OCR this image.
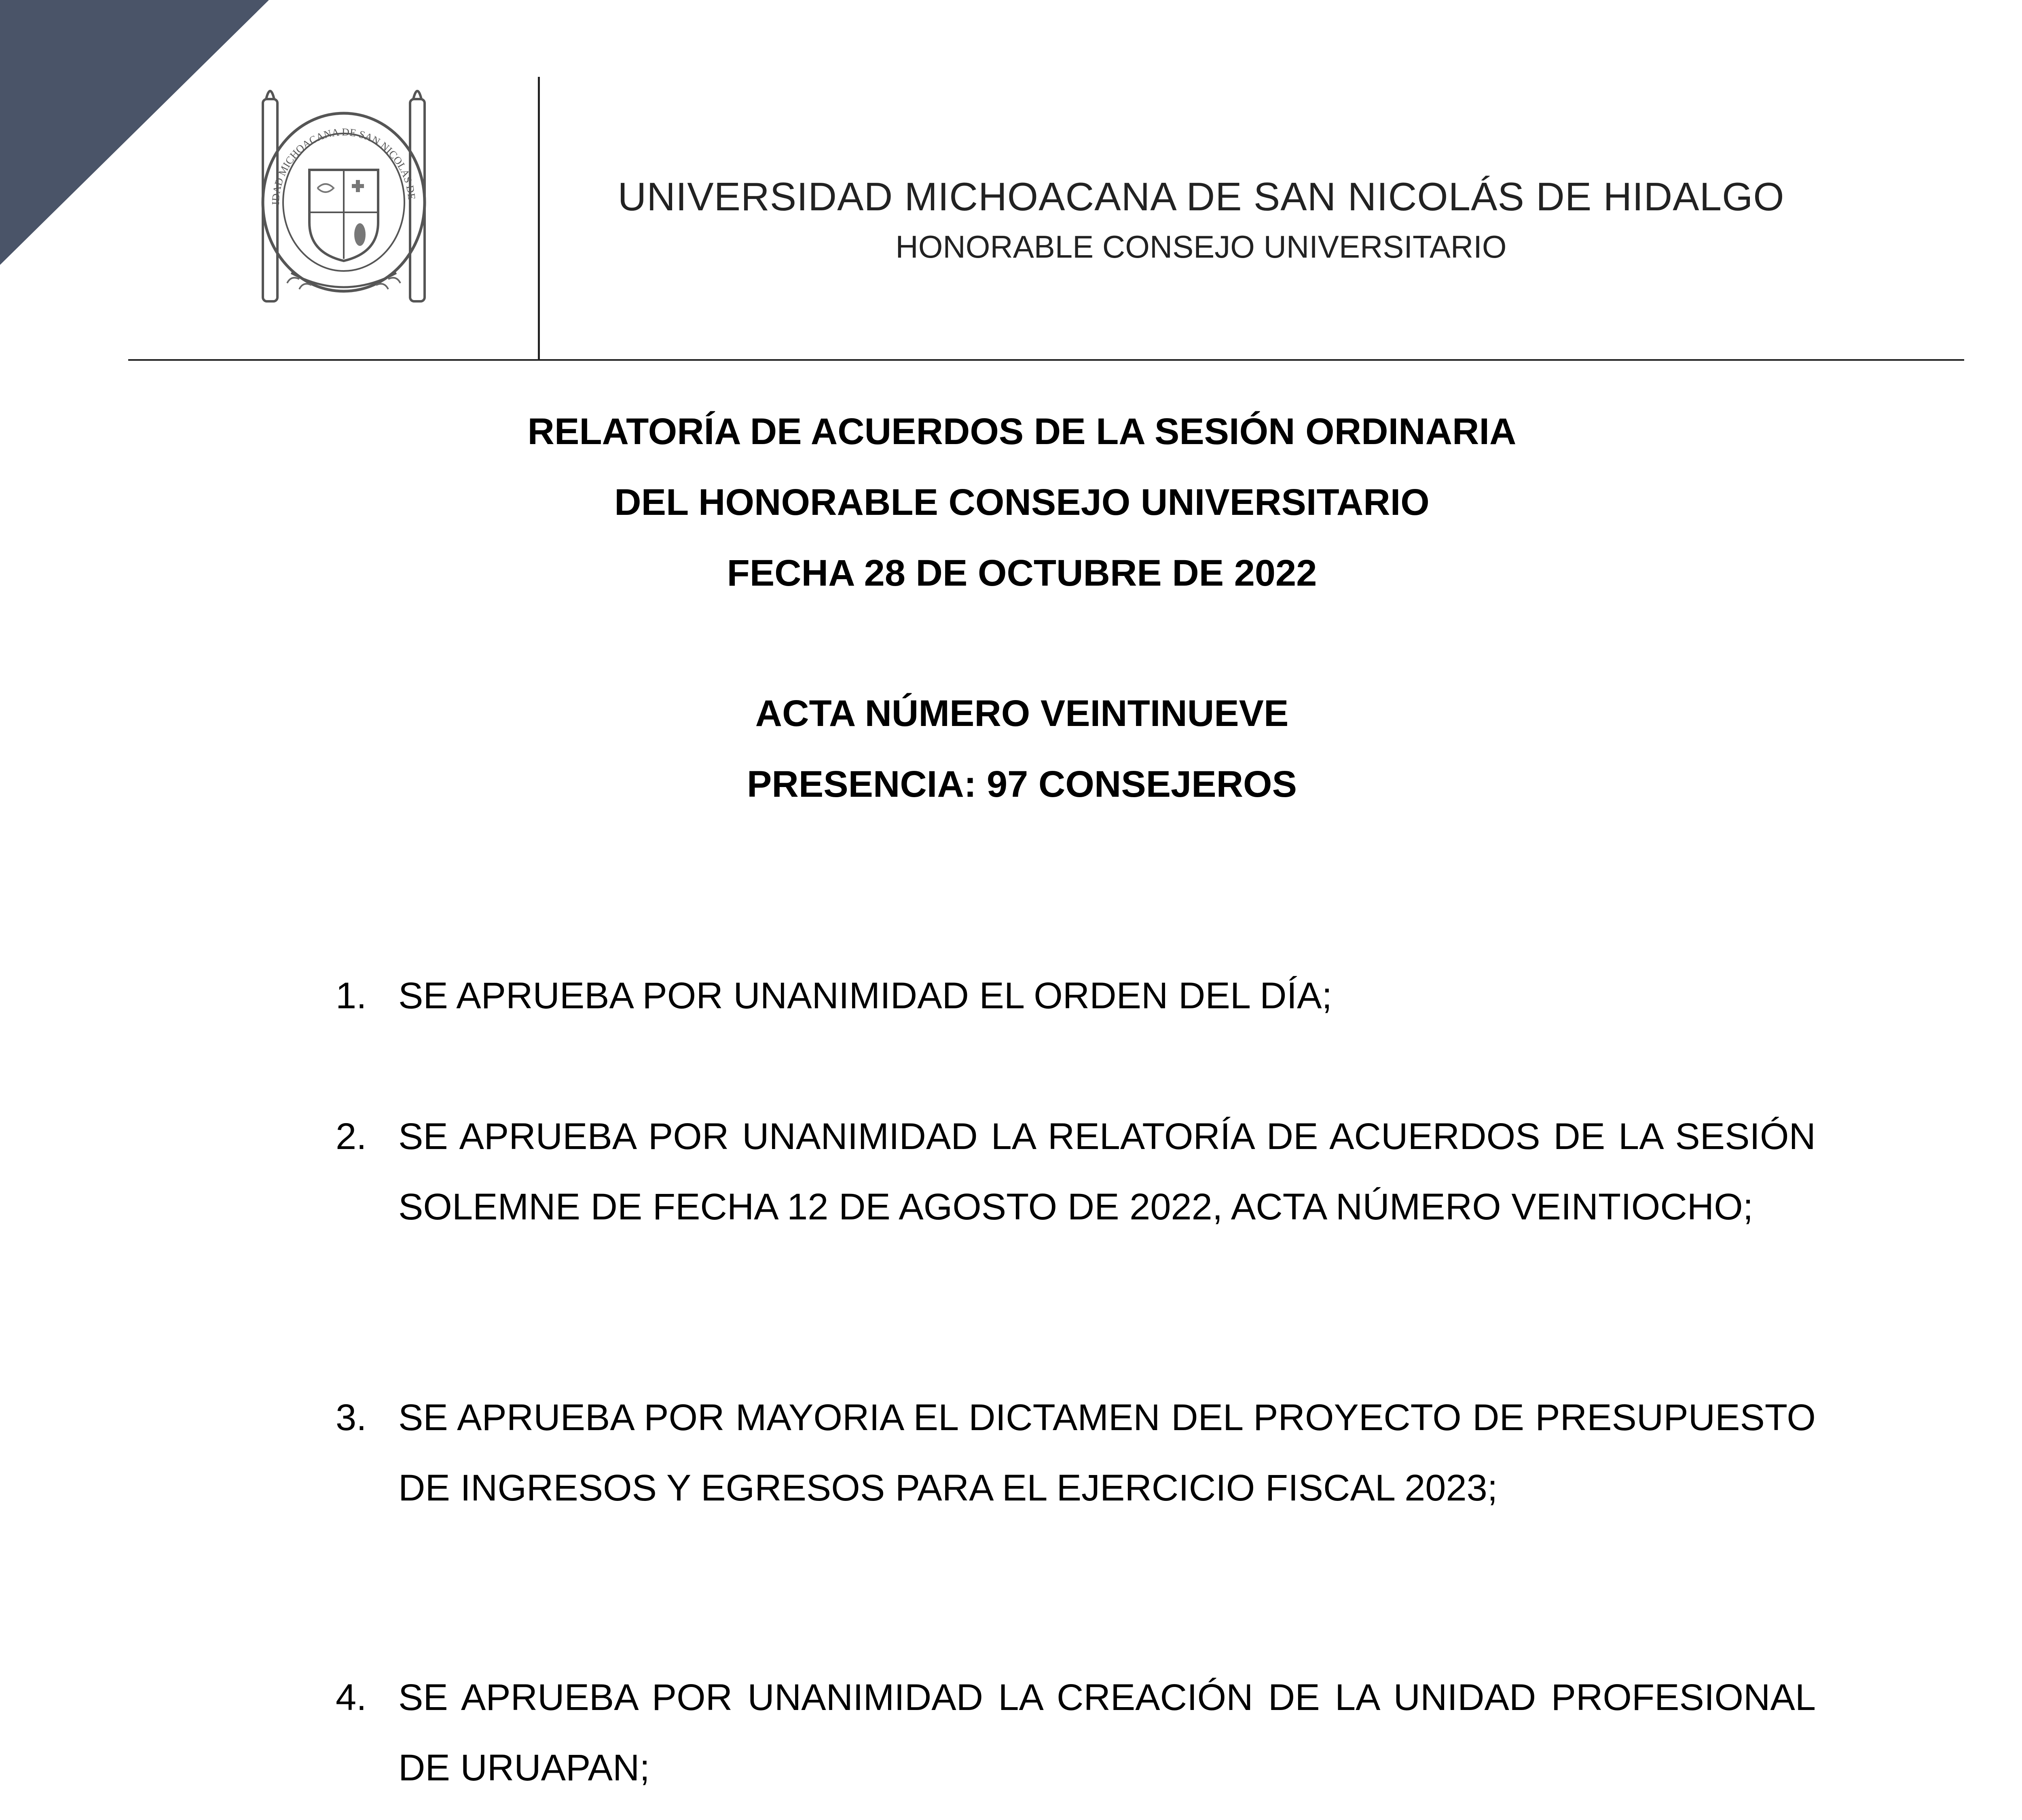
IDAD MICHOACANA DE SAN NICOLÁS DE	UNIVERSIDAD MICHOACANA DE SAN NICOLÁS DE HIDALGO
HONORABLE CONSEJO UNIVERSITARIO
RELATORÍA DE ACUERDOS DE LA SESIÓN ORDINARIA
DEL HONORABLE CONSEJO UNIVERSITARIO
FECHA 28 DE OCTUBRE DE 2022
ACTA NÚMERO VEINTINUEVE
PRESENCIA: 97 CONSEJEROS
1. SE APRUEBA POR UNANIMIDAD EL ORDEN DEL DÍA;
2. SE APRUEBA POR UNANIMIDAD LA RELATORÍA DE ACUERDOS DE LA SESIÓN SOLEMNE DE FECHA 12 DE AGOSTO DE 2022, ACTA NÚMERO VEINTIOCHO;
3. SE APRUEBA POR MAYORIA EL DICTAMEN DEL PROYECTO DE PRESUPUESTO DE INGRESOS Y EGRESOS PARA EL EJERCICIO FISCAL 2023;
4. SE APRUEBA POR UNANIMIDAD LA CREACIÓN DE LA UNIDAD PROFESIONAL DE URUAPAN;
